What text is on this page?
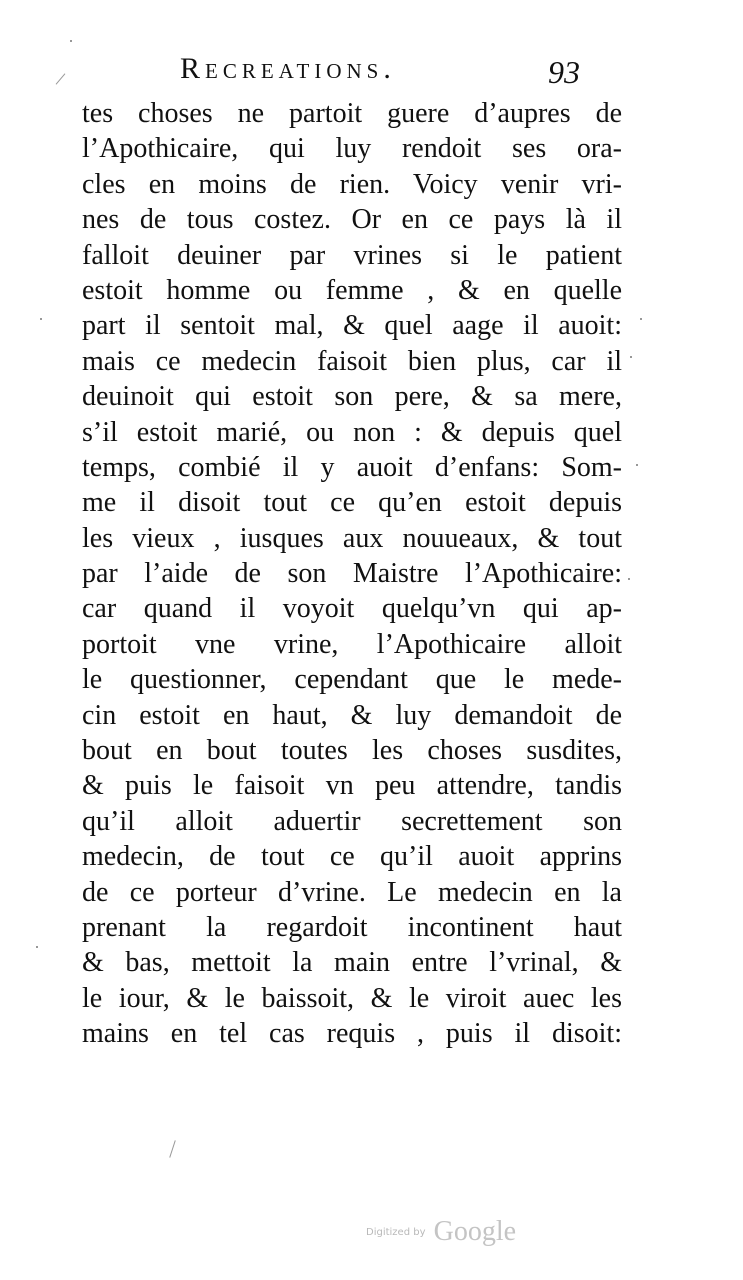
Recreations.	93
tes choses ne partoit guere d’aupres de
l’Apothicaire, qui luy rendoit ses ora-
cles en moins de rien. Voicy venir vri-
nes de tous costez. Or en ce pays là il
falloit deuiner par vrines si le patient
estoit homme ou femme , & en quelle
part il sentoit mal, & quel aage il auoit:
mais ce medecin faisoit bien plus, car il
deuinoit qui estoit son pere, & sa mere,
s’il estoit marié, ou non : & depuis quel
temps, combié il y auoit d’enfans: Som-
me il disoit tout ce qu’en estoit depuis
les vieux , iusques aux nouueaux, & tout
par l’aide de son Maistre l’Apothicaire:
car quand il voyoit quelqu’vn qui ap-
portoit vne vrine, l’Apothicaire alloit
le questionner, cependant que le mede-
cin estoit en haut, & luy demandoit de
bout en bout toutes les choses susdites,
& puis le faisoit vn peu attendre, tandis
qu’il alloit aduertir secrettement son
medecin, de tout ce qu’il auoit apprins
de ce porteur d’vrine. Le medecin en la
prenant la regardoit incontinent haut
& bas, mettoit la main entre l’vrinal, &
le iour, & le baissoit, & le viroit auec les
mains en tel cas requis , puis il disoit:
Digitized by Google
